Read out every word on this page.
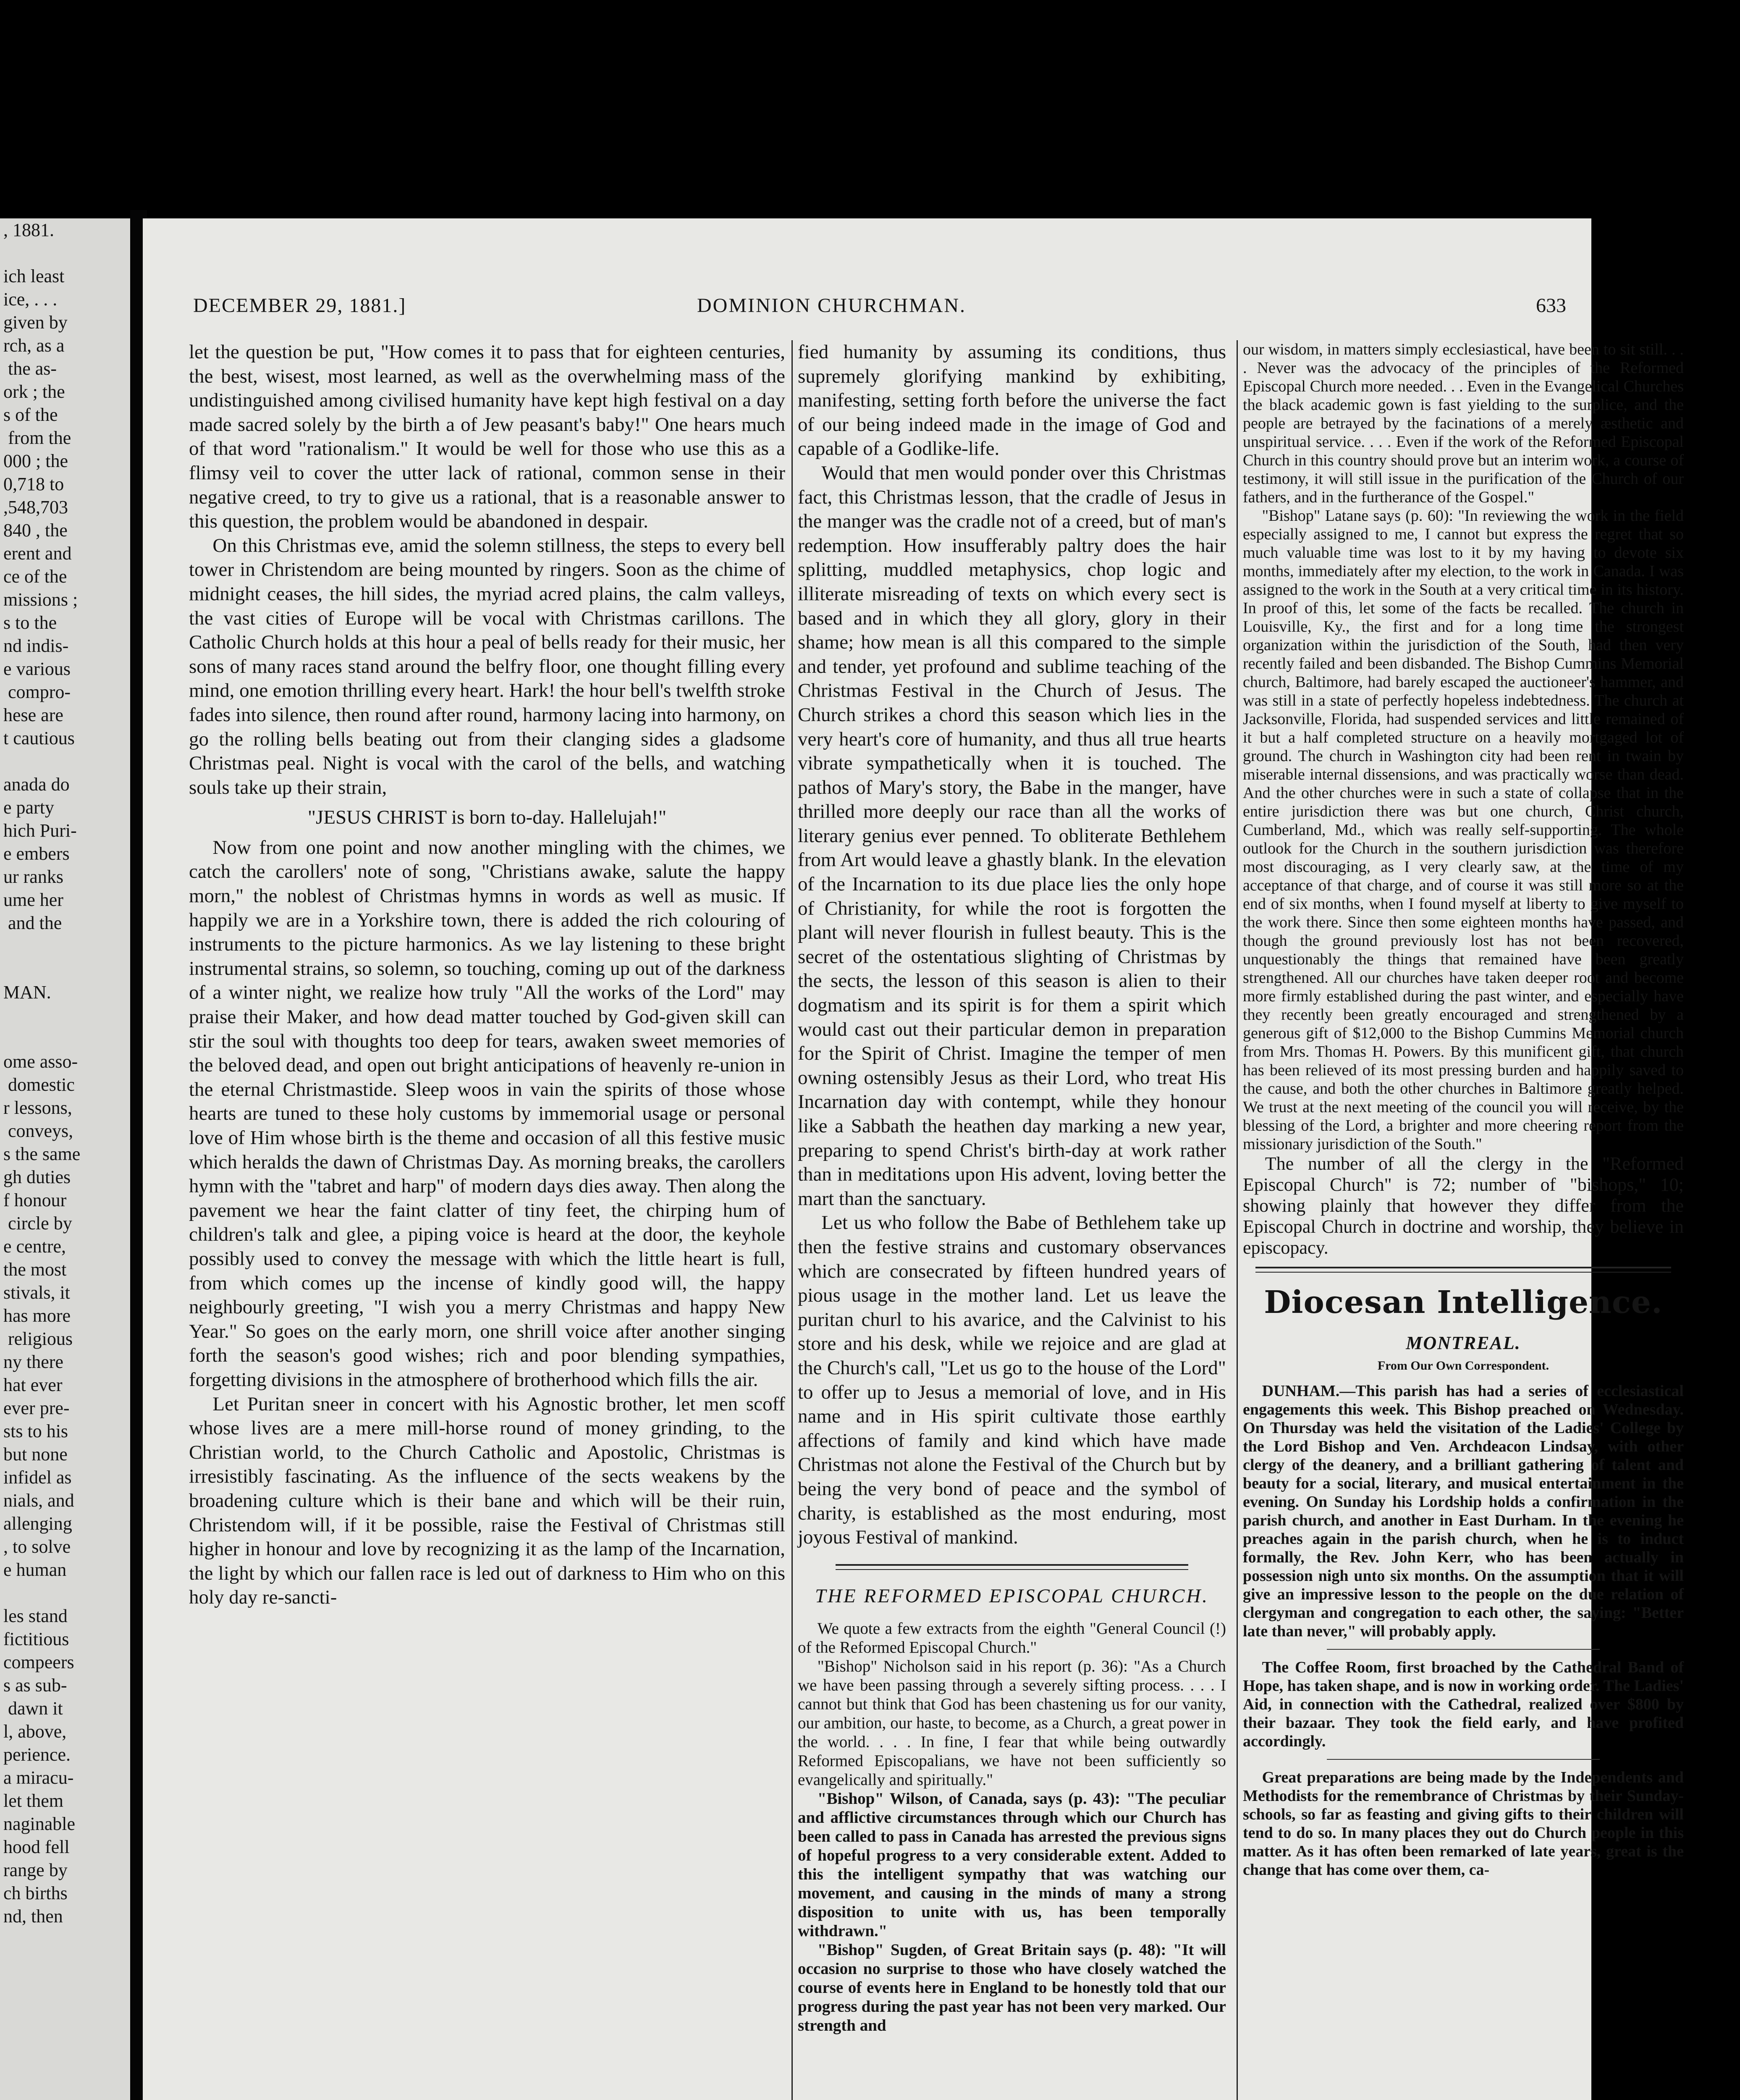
, 1881.

ich least
ice, . . .
given by
rch, as a
the as-
ork ; the
s of the
from the
000 ; the
0,718 to
,548,703
840 , the
erent and
ce of the
missions ;
s to the
nd indis-
e various
compro-
hese are
t cautious

anada do
e party
hich Puri-
e embers
ur ranks
ume her
and the

MAN.

ome asso-
domestic
r lessons,
conveys,
s the same
gh duties
f honour
circle by
e centre,
the most
stivals, it
has more
religious
ny there
hat ever
ever pre-
sts to his
but none
infidel as
nials, and
allenging
, to solve
e human

les stand
fictitious
compeers
s as sub-
dawn it
l, above,
perience.
a miracu-
let them
naginable
hood fell
range by
ch births
nd, then
DECEMBER 29, 1881.]	DOMINION CHURCHMAN.	633

let the question be put, "How comes it to pass that for eighteen centuries, the best, wisest, most learned, as well as the overwhelming mass of the undistinguished among civilised humanity have kept high festival on a day made sacred solely by the birth a of Jew peasant's baby!" One hears much of that word "rationalism." It would be well for those who use this as a flimsy veil to cover the utter lack of rational, common sense in their negative creed, to try to give us a rational, that is a reasonable answer to this question, the problem would be abandoned in despair.

On this Christmas eve, amid the solemn stillness, the steps to every bell tower in Christendom are being mounted by ringers. Soon as the chime of midnight ceases, the hill sides, the myriad acred plains, the calm valleys, the vast cities of Europe will be vocal with Christmas carillons. The Catholic Church holds at this hour a peal of bells ready for their music, her sons of many races stand around the belfry floor, one thought filling every mind, one emotion thrilling every heart. Hark! the hour bell's twelfth stroke fades into silence, then round after round, harmony lacing into harmony, on go the rolling bells beating out from their clanging sides a gladsome Christmas peal. Night is vocal with the carol of the bells, and watching souls take up their strain,

"JESUS CHRIST is born to-day. Hallelujah!"

Now from one point and now another mingling with the chimes, we catch the carollers' note of song, "Christians awake, salute the happy morn," the noblest of Christmas hymns in words as well as music. If happily we are in a Yorkshire town, there is added the rich colouring of instruments to the picture harmonics. As we lay listening to these bright instrumental strains, so solemn, so touching, coming up out of the darkness of a winter night, we realize how truly "All the works of the Lord" may praise their Maker, and how dead matter touched by God-given skill can stir the soul with thoughts too deep for tears, awaken sweet memories of the beloved dead, and open out bright anticipations of heavenly re-union in the eternal Christmastide. Sleep woos in vain the spirits of those whose hearts are tuned to these holy customs by immemorial usage or personal love of Him whose birth is the theme and occasion of all this festive music which heralds the dawn of Christmas Day. As morning breaks, the carollers hymn with the "tabret and harp" of modern days dies away. Then along the pavement we hear the faint clatter of tiny feet, the chirping hum of children's talk and glee, a piping voice is heard at the door, the keyhole possibly used to convey the message with which the little heart is full, from which comes up the incense of kindly good will, the happy neighbourly greeting, "I wish you a merry Christmas and happy New Year." So goes on the early morn, one shrill voice after another singing forth the season's good wishes; rich and poor blending sympathies, forgetting divisions in the atmosphere of brotherhood which fills the air.

Let Puritan sneer in concert with his Agnostic brother, let men scoff whose lives are a mere mill-horse round of money grinding, to the Christian world, to the Church Catholic and Apostolic, Christmas is irresistibly fascinating. As the influence of the sects weakens by the broadening culture which is their bane and which will be their ruin, Christendom will, if it be possible, raise the Festival of Christmas still higher in honour and love by recognizing it as the lamp of the Incarnation, the light by which our fallen race is led out of darkness to Him who on this holy day re-sancti-

fied humanity by assuming its conditions, thus supremely glorifying mankind by exhibiting, manifesting, setting forth before the universe the fact of our being indeed made in the image of God and capable of a Godlike-life.

Would that men would ponder over this Christmas fact, this Christmas lesson, that the cradle of Jesus in the manger was the cradle not of a creed, but of man's redemption. How insufferably paltry does the hair splitting, muddled metaphysics, chop logic and illiterate misreading of texts on which every sect is based and in which they all glory, glory in their shame; how mean is all this compared to the simple and tender, yet profound and sublime teaching of the Christmas Festival in the Church of Jesus. The Church strikes a chord this season which lies in the very heart's core of humanity, and thus all true hearts vibrate sympathetically when it is touched. The pathos of Mary's story, the Babe in the manger, have thrilled more deeply our race than all the works of literary genius ever penned. To obliterate Bethlehem from Art would leave a ghastly blank. In the elevation of the Incarnation to its due place lies the only hope of Christianity, for while the root is forgotten the plant will never flourish in fullest beauty. This is the secret of the ostentatious slighting of Christmas by the sects, the lesson of this season is alien to their dogmatism and its spirit is for them a spirit which would cast out their particular demon in preparation for the Spirit of Christ. Imagine the temper of men owning ostensibly Jesus as their Lord, who treat His Incarnation day with contempt, while they honour like a Sabbath the heathen day marking a new year, preparing to spend Christ's birth-day at work rather than in meditations upon His advent, loving better the mart than the sanctuary.

Let us who follow the Babe of Bethlehem take up then the festive strains and customary observances which are consecrated by fifteen hundred years of pious usage in the mother land. Let us leave the puritan churl to his avarice, and the Calvinist to his store and his desk, while we rejoice and are glad at the Church's call, "Let us go to the house of the Lord" to offer up to Jesus a memorial of love, and in His name and in His spirit cultivate those earthly affections of family and kind which have made Christmas not alone the Festival of the Church but by being the very bond of peace and the symbol of charity, is established as the most enduring, most joyous Festival of mankind.

THE REFORMED EPISCOPAL CHURCH.

We quote a few extracts from the eighth "General Council (!) of the Reformed Episcopal Church."

"Bishop" Nicholson said in his report (p. 36): "As a Church we have been passing through a severely sifting process. . . . I cannot but think that God has been chastening us for our vanity, our ambition, our haste, to become, as a Church, a great power in the world. . . . In fine, I fear that while being outwardly Reformed Episcopalians, we have not been sufficiently so evangelically and spiritually."

"Bishop" Wilson, of Canada, says (p. 43): "The peculiar and afflictive circumstances through which our Church has been called to pass in Canada has arrested the previous signs of hopeful progress to a very considerable extent. Added to this the intelligent sympathy that was watching our movement, and causing in the minds of many a strong disposition to unite with us, has been temporally withdrawn."

"Bishop" Sugden, of Great Britain says (p. 48): "It will occasion no surprise to those who have closely watched the course of events here in England to be honestly told that our progress during the past year has not been very marked. Our strength and

our wisdom, in matters simply ecclesiastical, have been to sit still. . . . Never was the advocacy of the principles of the Reformed Episcopal Church more needed. . . Even in the Evangelical Churches the black academic gown is fast yielding to the surplice, and the people are betrayed by the facinations of a merely æsthetic and unspiritual service. . . . Even if the work of the Reformed Episcopal Church in this country should prove but an interim work, a course of testimony, it will still issue in the purification of the Church of our fathers, and in the furtherance of the Gospel."

"Bishop" Latane says (p. 60): "In reviewing the work in the field especially assigned to me, I cannot but express the regret that so much valuable time was lost to it by my having to devote six months, immediately after my election, to the work in Canada. I was assigned to the work in the South at a very critical time in its history. In proof of this, let some of the facts be recalled. The church in Louisville, Ky., the first and for a long time the strongest organization within the jurisdiction of the South, had then very recently failed and been disbanded. The Bishop Cummins Memorial church, Baltimore, had barely escaped the auctioneer's hammer, and was still in a state of perfectly hopeless indebtedness. The church at Jacksonville, Florida, had suspended services and little remained of it but a half completed structure on a heavily mortgaged lot of ground. The church in Washington city had been rent in twain by miserable internal dissensions, and was practically worse than dead. And the other churches were in such a state of collapse that in the entire jurisdiction there was but one church, Christ church, Cumberland, Md., which was really self-supporting. The whole outlook for the Church in the southern jurisdiction was therefore most discouraging, as I very clearly saw, at the time of my acceptance of that charge, and of course it was still more so at the end of six months, when I found myself at liberty to give myself to the work there. Since then some eighteen months have passed, and though the ground previously lost has not been recovered, unquestionably the things that remained have been greatly strengthened. All our churches have taken deeper root and become more firmly established during the past winter, and especially have they recently been greatly encouraged and strengthened by a generous gift of $12,000 to the Bishop Cummins Memorial church from Mrs. Thomas H. Powers. By this munificent gift, that church has been relieved of its most pressing burden and happily saved to the cause, and both the other churches in Baltimore greatly helped. We trust at the next meeting of the council you will receive, by the blessing of the Lord, a brighter and more cheering report from the missionary jurisdiction of the South."

The number of all the clergy in the "Reformed Episcopal Church" is 72; number of "bishops," 10; showing plainly that however they differ from the Episcopal Church in doctrine and worship, they believe in episcopacy.

Diocesan Intelligence.
MONTREAL.
From Our Own Correspondent.

DUNHAM.—This parish has had a series of ecclesiastical engagements this week. This Bishop preached on Wednesday. On Thursday was held the visitation of the Ladies' College by the Lord Bishop and Ven. Archdeacon Lindsay, with other clergy of the deanery, and a brilliant gathering of talent and beauty for a social, literary, and musical entertainment in the evening. On Sunday his Lordship holds a confirmation in the parish church, and another in East Durham. In the evening he preaches again in the parish church, when he is to induct formally, the Rev. John Kerr, who has been actually in possession nigh unto six months. On the assumption that it will give an impressive lesson to the people on the due relation of clergyman and congregation to each other, the saying: "Better late than never," will probably apply.

The Coffee Room, first broached by the Cathedral Band of Hope, has taken shape, and is now in working order. The Ladies' Aid, in connection with the Cathedral, realized over $800 by their bazaar. They took the field early, and have profited accordingly.

Great preparations are being made by the Independents and Methodists for the remembrance of Christmas by their Sunday-schools, so far as feasting and giving gifts to their children will tend to do so. In many places they out do Church people in this matter. As it has often been remarked of late years, great is the change that has come over them, ca-
